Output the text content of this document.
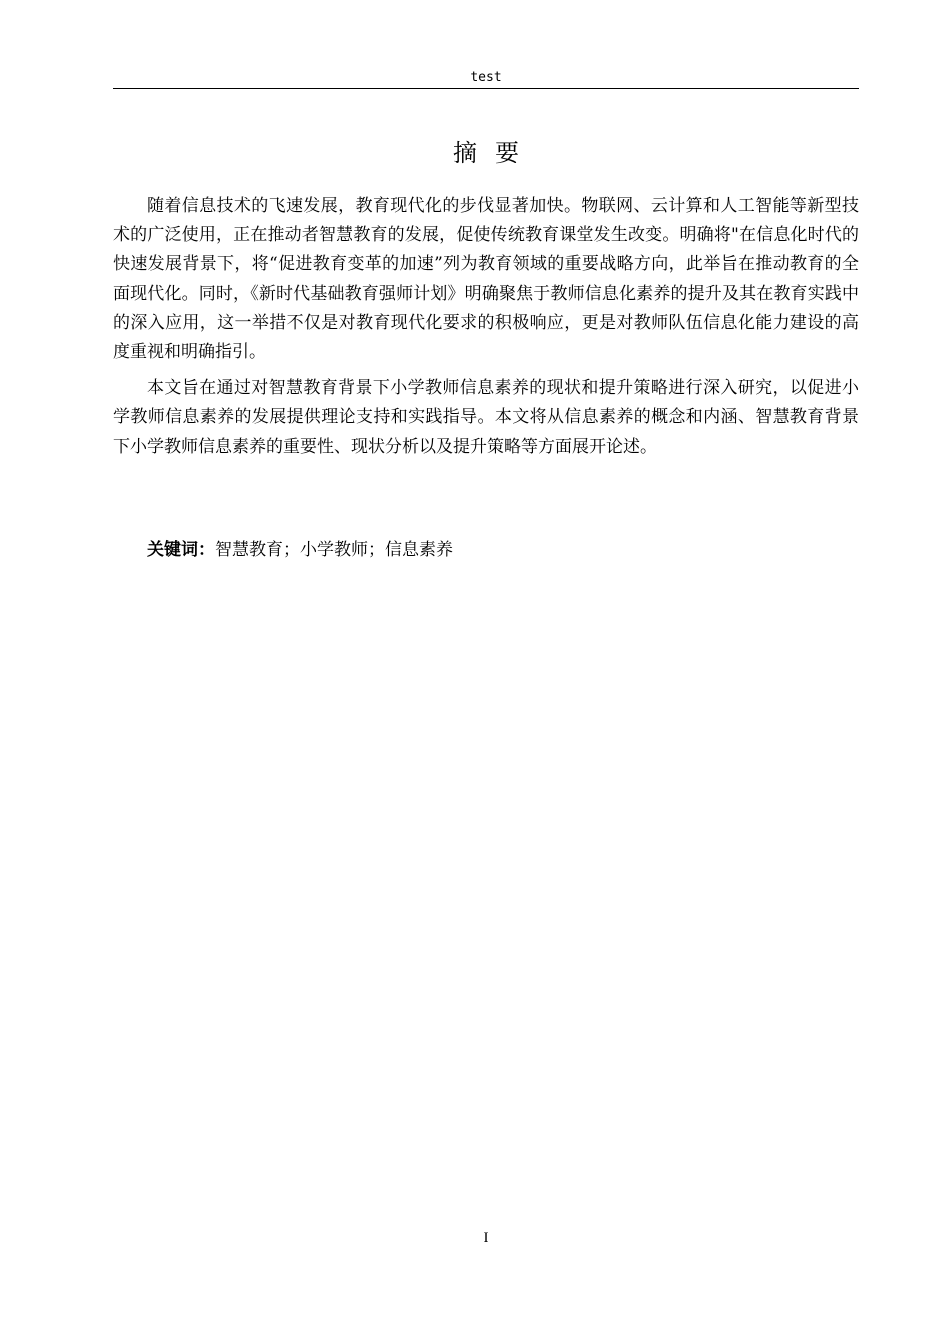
test
摘要

随着信息技术的飞速发展，教育现代化的步伐显著加快。物联网、云计算和人工智能等新型技术的广泛使用，正在推动者智慧教育的发展，促使传统教育课堂发生改变。明确将"在信息化时代的快速发展背景下，将“促进教育变革的加速”列为教育领域的重要战略方向，此举旨在推动教育的全面现代化。同时，《新时代基础教育强师计划》明确聚焦于教师信息化素养的提升及其在教育实践中的深入应用，这一举措不仅是对教育现代化要求的积极响应，更是对教师队伍信息化能力建设的高度重视和明确指引。

本文旨在通过对智慧教育背景下小学教师信息素养的现状和提升策略进行深入研究，以促进小学教师信息素养的发展提供理论支持和实践指导。本文将从信息素养的概念和内涵、智慧教育背景下小学教师信息素养的重要性、现状分析以及提升策略等方面展开论述。

关键词：智慧教育；小学教师；信息素养
I
